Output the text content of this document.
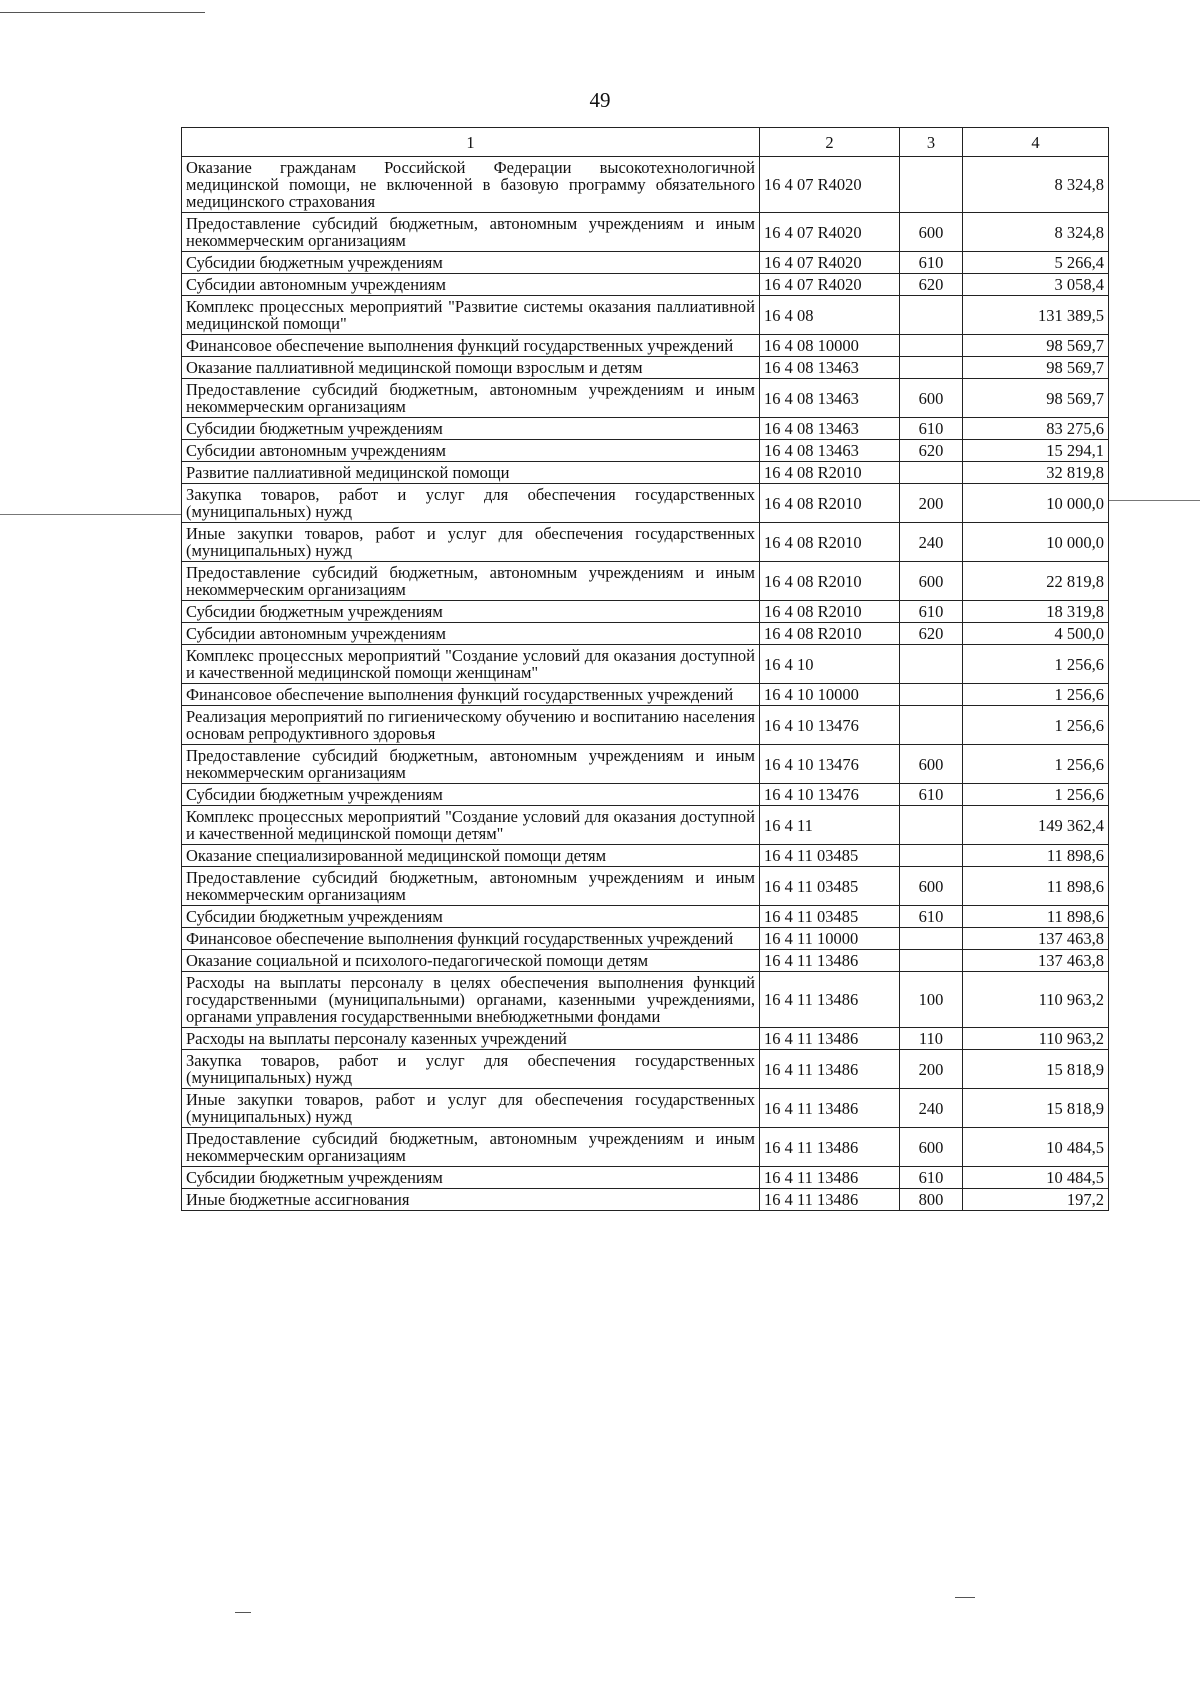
49
1	2	3	4
Оказание гражданам Российской Федерации высокотехнологичной медицинской помощи, не включенной в базовую программу обязательного медицинского страхования	16 4 07 R4020		8 324,8
Предоставление субсидий бюджетным, автономным учреждениям и иным некоммерческим организациям	16 4 07 R4020	600	8 324,8
Субсидии бюджетным учреждениям	16 4 07 R4020	610	5 266,4
Субсидии автономным учреждениям	16 4 07 R4020	620	3 058,4
Комплекс процессных мероприятий "Развитие системы оказания паллиативной медицинской помощи"	16 4 08		131 389,5
Финансовое обеспечение выполнения функций государственных учреждений	16 4 08 10000		98 569,7
Оказание паллиативной медицинской помощи взрослым и детям	16 4 08 13463		98 569,7
Предоставление субсидий бюджетным, автономным учреждениям и иным некоммерческим организациям	16 4 08 13463	600	98 569,7
Субсидии бюджетным учреждениям	16 4 08 13463	610	83 275,6
Субсидии автономным учреждениям	16 4 08 13463	620	15 294,1
Развитие паллиативной медицинской помощи	16 4 08 R2010		32 819,8
Закупка товаров, работ и услуг для обеспечения государственных (муниципальных) нужд	16 4 08 R2010	200	10 000,0
Иные закупки товаров, работ и услуг для обеспечения государственных (муниципальных) нужд	16 4 08 R2010	240	10 000,0
Предоставление субсидий бюджетным, автономным учреждениям и иным некоммерческим организациям	16 4 08 R2010	600	22 819,8
Субсидии бюджетным учреждениям	16 4 08 R2010	610	18 319,8
Субсидии автономным учреждениям	16 4 08 R2010	620	4 500,0
Комплекс процессных мероприятий "Создание условий для оказания доступной и качественной медицинской помощи женщинам"	16 4 10		1 256,6
Финансовое обеспечение выполнения функций государственных учреждений	16 4 10 10000		1 256,6
Реализация мероприятий по гигиеническому обучению и воспитанию населения основам репродуктивного здоровья	16 4 10 13476		1 256,6
Предоставление субсидий бюджетным, автономным учреждениям и иным некоммерческим организациям	16 4 10 13476	600	1 256,6
Субсидии бюджетным учреждениям	16 4 10 13476	610	1 256,6
Комплекс процессных мероприятий "Создание условий для оказания доступной и качественной медицинской помощи детям"	16 4 11		149 362,4
Оказание специализированной медицинской помощи детям	16 4 11 03485		11 898,6
Предоставление субсидий бюджетным, автономным учреждениям и иным некоммерческим организациям	16 4 11 03485	600	11 898,6
Субсидии бюджетным учреждениям	16 4 11 03485	610	11 898,6
Финансовое обеспечение выполнения функций государственных учреждений	16 4 11 10000		137 463,8
Оказание социальной и психолого-педагогической помощи детям	16 4 11 13486		137 463,8
Расходы на выплаты персоналу в целях обеспечения выполнения функций государственными (муниципальными) органами, казенными учреждениями, органами управления государственными внебюджетными фондами	16 4 11 13486	100	110 963,2
Расходы на выплаты персоналу казенных учреждений	16 4 11 13486	110	110 963,2
Закупка товаров, работ и услуг для обеспечения государственных (муниципальных) нужд	16 4 11 13486	200	15 818,9
Иные закупки товаров, работ и услуг для обеспечения государственных (муниципальных) нужд	16 4 11 13486	240	15 818,9
Предоставление субсидий бюджетным, автономным учреждениям и иным некоммерческим организациям	16 4 11 13486	600	10 484,5
Субсидии бюджетным учреждениям	16 4 11 13486	610	10 484,5
Иные бюджетные ассигнования	16 4 11 13486	800	197,2
